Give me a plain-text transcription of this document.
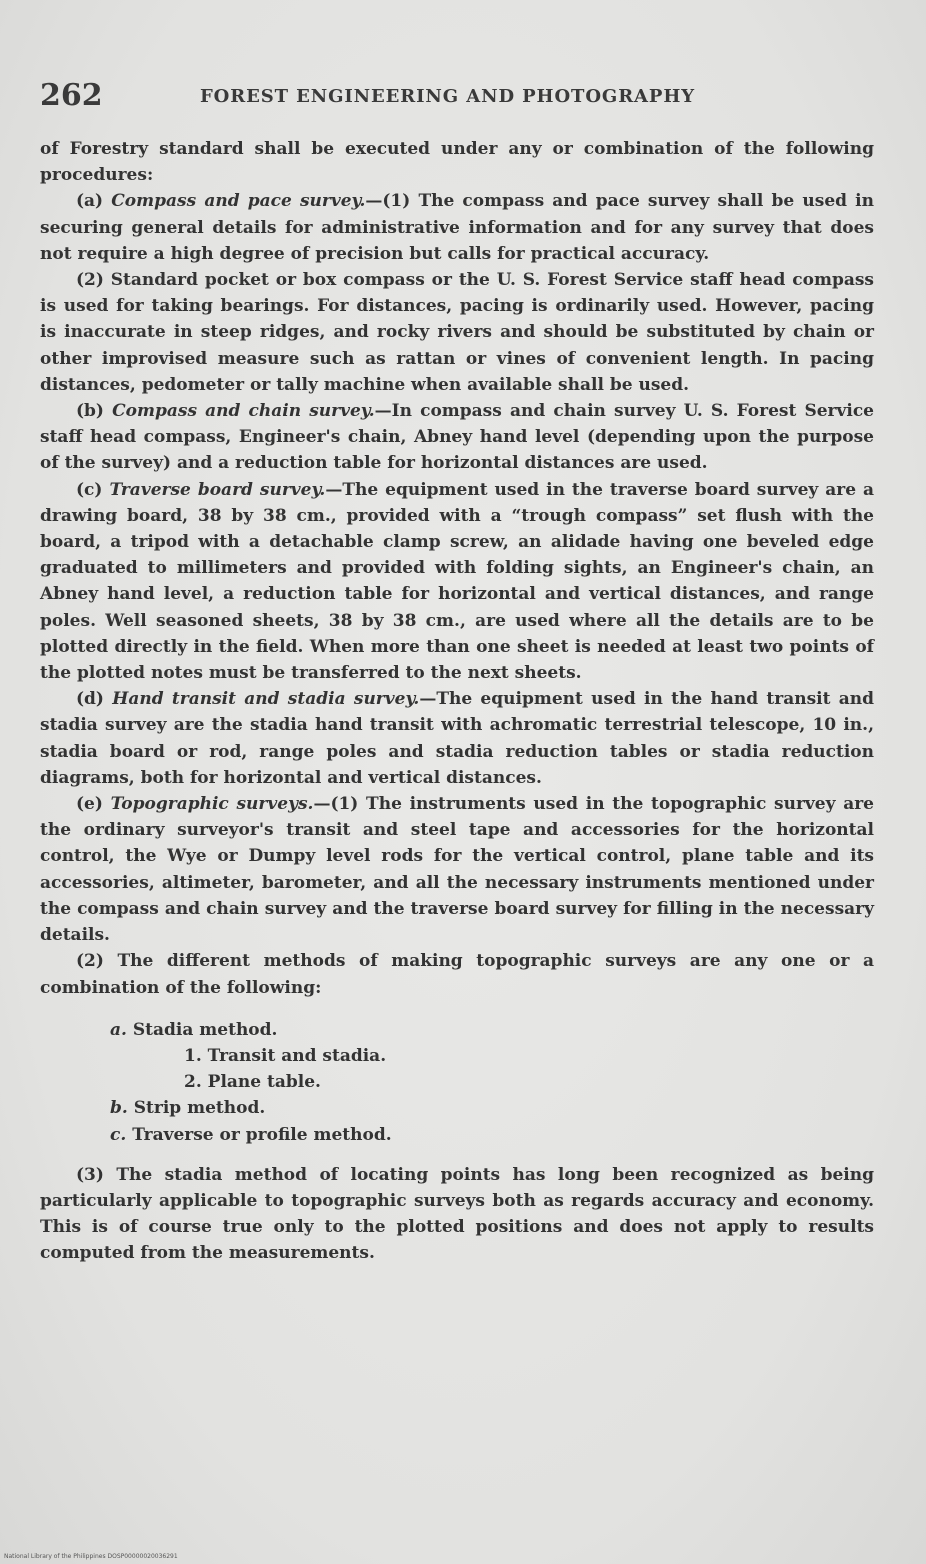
262	FOREST ENGINEERING AND PHOTOGRAPHY

of Forestry standard shall be executed under any or combination of the following procedures:

(a) Compass and pace survey.—(1) The compass and pace survey shall be used in securing general details for administrative information and for any survey that does not require a high degree of precision but calls for practical accuracy.

(2) Standard pocket or box compass or the U. S. Forest Service staff head compass is used for taking bearings. For distances, pacing is ordinarily used. However, pacing is inaccurate in steep ridges, and rocky rivers and should be substituted by chain or other improvised measure such as rattan or vines of convenient length. In pacing distances, pedometer or tally machine when available shall be used.

(b) Compass and chain survey.—In compass and chain survey U. S. Forest Service staff head compass, Engineer's chain, Abney hand level (depending upon the purpose of the survey) and a reduction table for horizontal distances are used.

(c) Traverse board survey.—The equipment used in the traverse board survey are a drawing board, 38 by 38 cm., provided with a “trough compass” set flush with the board, a tripod with a detachable clamp screw, an alidade having one beveled edge graduated to millimeters and provided with folding sights, an Engineer's chain, an Abney hand level, a reduction table for horizontal and vertical distances, and range poles. Well seasoned sheets, 38 by 38 cm., are used where all the details are to be plotted directly in the field. When more than one sheet is needed at least two points of the plotted notes must be transferred to the next sheets.

(d) Hand transit and stadia survey.—The equipment used in the hand transit and stadia survey are the stadia hand transit with achromatic terrestrial telescope, 10 in., stadia board or rod, range poles and stadia reduction tables or stadia reduction diagrams, both for horizontal and vertical distances.

(e) Topographic surveys.—(1) The instruments used in the topographic survey are the ordinary surveyor's transit and steel tape and accessories for the horizontal control, the Wye or Dumpy level rods for the vertical control, plane table and its accessories, altimeter, barometer, and all the necessary instruments mentioned under the compass and chain survey and the traverse board survey for filling in the necessary details.

(2) The different methods of making topographic surveys are any one or a combination of the following:

a. Stadia method.
1. Transit and stadia.
2. Plane table.
b. Strip method.
c. Traverse or profile method.

(3) The stadia method of locating points has long been recognized as being particularly applicable to topographic surveys both as regards accuracy and economy. This is of course true only to the plotted positions and does not apply to results computed from the measurements.

National Library of the Philippines DOSP00000020036291
